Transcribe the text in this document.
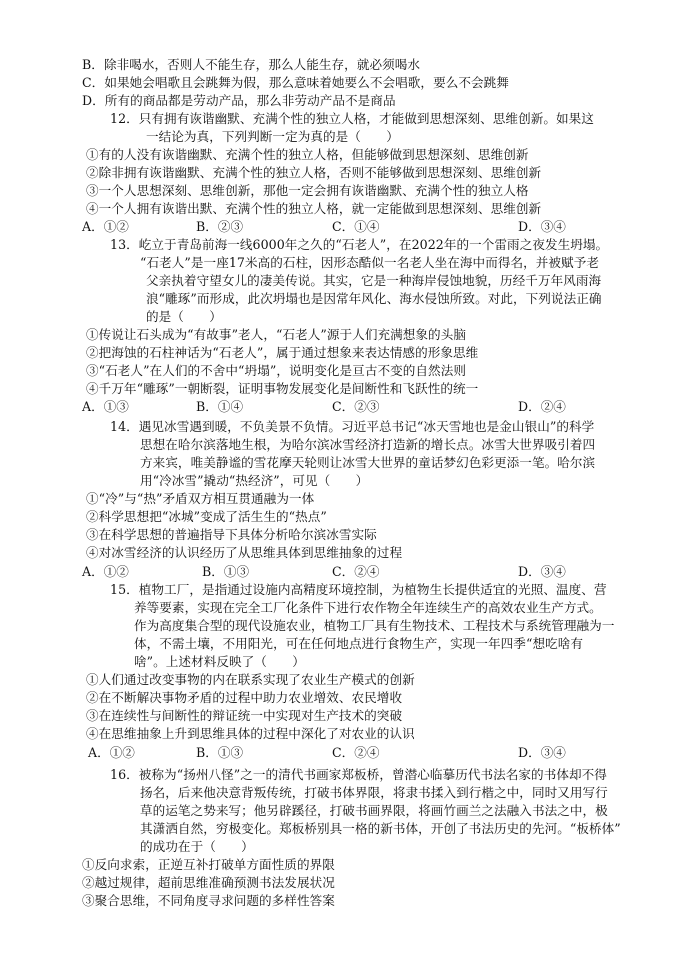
B．除非喝水，否则人不能生存，那么人能生存，就必须喝水
C．如果她会唱歌且会跳舞为假，那么意味着她要么不会唱歌，要么不会跳舞
D．所有的商品都是劳动产品，那么非劳动产品不是商品
12．只有拥有诙谐幽默、充满个性的独立人格，才能做到思想深刻、思维创新。如果这
一结论为真，下列判断一定为真的是（　　）
①有的人没有诙谐幽默、充满个性的独立人格，但能够做到思想深刻、思维创新
②除非拥有诙谐幽默、充满个性的独立人格，否则不能够做到思想深刻、思维创新
③一个人思想深刻、思维创新，那他一定会拥有诙谐幽默、充满个性的独立人格
④一个人拥有诙谐出默、充满个性的独立人格，就一定能做到思想深刻、思维创新
A．①②	B．②③	C．①④	D．③④
13．屹立于青岛前海一线6000年之久的“石老人”，在2022年的一个雷雨之夜发生坍塌。
“石老人”是一座17米高的石柱，因形态酷似一名老人坐在海中而得名，并被赋予老
父亲执着守望女儿的凄美传说。其实，它是一种海岸侵蚀地貌，历经千万年风雨海
浪“雕琢”而形成，此次坍塌也是因常年风化、海水侵蚀所致。对此，下列说法正确
的是（　　）
①传说让石头成为“有故事”老人，“石老人”源于人们充满想象的头脑
②把海蚀的石柱神话为“石老人”，属于通过想象来表达情感的形象思维
③“石老人”在人们的不舍中“坍塌”，说明变化是亘古不变的自然法则
④千万年“雕琢”一朝断裂，证明事物发展变化是间断性和飞跃性的统一
A．①③	B．①④	C．②③	D．②④
14．遇见冰雪遇到暖，不负美景不负情。习近平总书记“冰天雪地也是金山银山”的科学
思想在哈尔滨落地生根，为哈尔滨冰雪经济打造新的增长点。冰雪大世界吸引着四
方来宾，唯美静谧的雪花摩天轮则让冰雪大世界的童话梦幻色彩更添一笔。哈尔滨
用“冷冰雪”撬动“热经济”，可见（　　）
①“冷”与“热”矛盾双方相互贯通融为一体
②科学思想把“冰城”变成了活生生的“热点”
③在科学思想的普遍指导下具体分析哈尔滨冰雪实际
④对冰雪经济的认识经历了从思维具体到思维抽象的过程
A．①②	B．①③	C．②④	D．③④
15．植物工厂，是指通过设施内高精度环境控制，为植物生长提供适宜的光照、温度、营
养等要素，实现在完全工厂化条件下进行农作物全年连续生产的高效农业生产方式。
作为高度集合型的现代设施农业，植物工厂具有生物技术、工程技术与系统管理融为一
体，不需土壤，不用阳光，可在任何地点进行食物生产，实现一年四季“想吃啥有
啥”。上述材料反映了（　　）
①人们通过改变事物的内在联系实现了农业生产模式的创新
②在不断解决事物矛盾的过程中助力农业增效、农民增收
③在连续性与间断性的辩证统一中实现对生产技术的突破
④在思维抽象上升到思维具体的过程中深化了对农业的认识
A．①②	B．①③	C．②④	D．③④
16．被称为“扬州八怪”之一的清代书画家郑板桥，曾潜心临摹历代书法名家的书体却不得
扬名，后来他决意背叛传统，打破书体界限，将隶书揉入到行楷之中，同时又用写行
草的运笔之势来写；他另辟蹊径，打破书画界限，将画竹画兰之法融入书法之中，极
其潇洒自然，穷极变化。郑板桥别具一格的新书体，开创了书法历史的先河。“板桥体”
的成功在于（　　）
①反向求索，正逆互补打破单方面性质的界限
②越过规律，超前思维准确预测书法发展状况
③聚合思维，不同角度寻求问题的多样性答案
